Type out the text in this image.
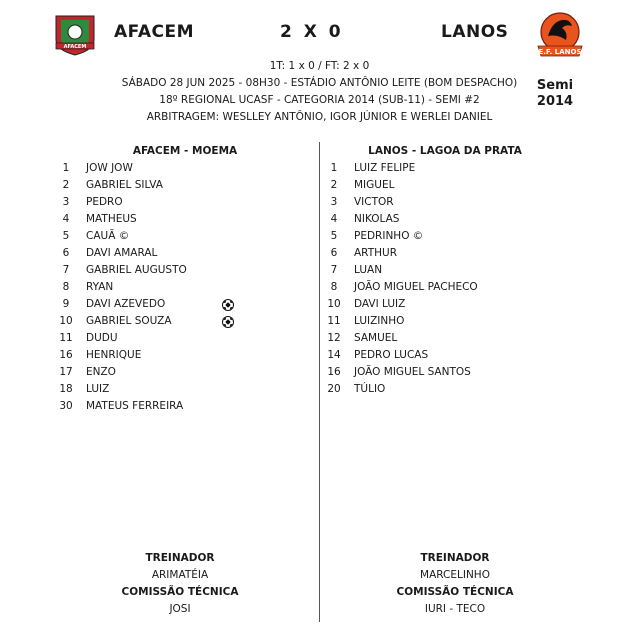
AFACEM
AFACEM	2 X 0	LANOS
E.F. LANOS
1T: 1 x 0 / FT: 2 x 0
SÁBADO 28 JUN 2025 - 08H30 - ESTÁDIO ANTÔNIO LEITE (BOM DESPACHO)
18º REGIONAL UCASF - CATEGORIA 2014 (SUB-11) - SEMI #2
ARBITRAGEM: WESLLEY ANTÔNIO, IGOR JÚNIOR E WERLEI DANIEL
Semi
2014
AFACEM - MOEMA	LANOS - LAGOA DA PRATA
1	JOW JOW
2	GABRIEL SILVA
3	PEDRO
4	MATHEUS
5	CAUÃ ©
6	DAVI AMARAL
7	GABRIEL AUGUSTO
8	RYAN
9	DAVI AZEVEDO
10	GABRIEL SOUZA
11	DUDU
16	HENRIQUE
17	ENZO
18	LUIZ
30	MATEUS FERREIRA
1	LUIZ FELIPE
2	MIGUEL
3	VICTOR
4	NIKOLAS
5	PEDRINHO ©
6	ARTHUR
7	LUAN
8	JOÃO MIGUEL PACHECO
10	DAVI LUIZ
11	LUIZINHO
12	SAMUEL
14	PEDRO LUCAS
16	JOÃO MIGUEL SANTOS
20	TÚLIO
TREINADOR
ARIMATÉIA
COMISSÃO TÉCNICA
JOSI
TREINADOR
MARCELINHO
COMISSÃO TÉCNICA
IURI - TECO
